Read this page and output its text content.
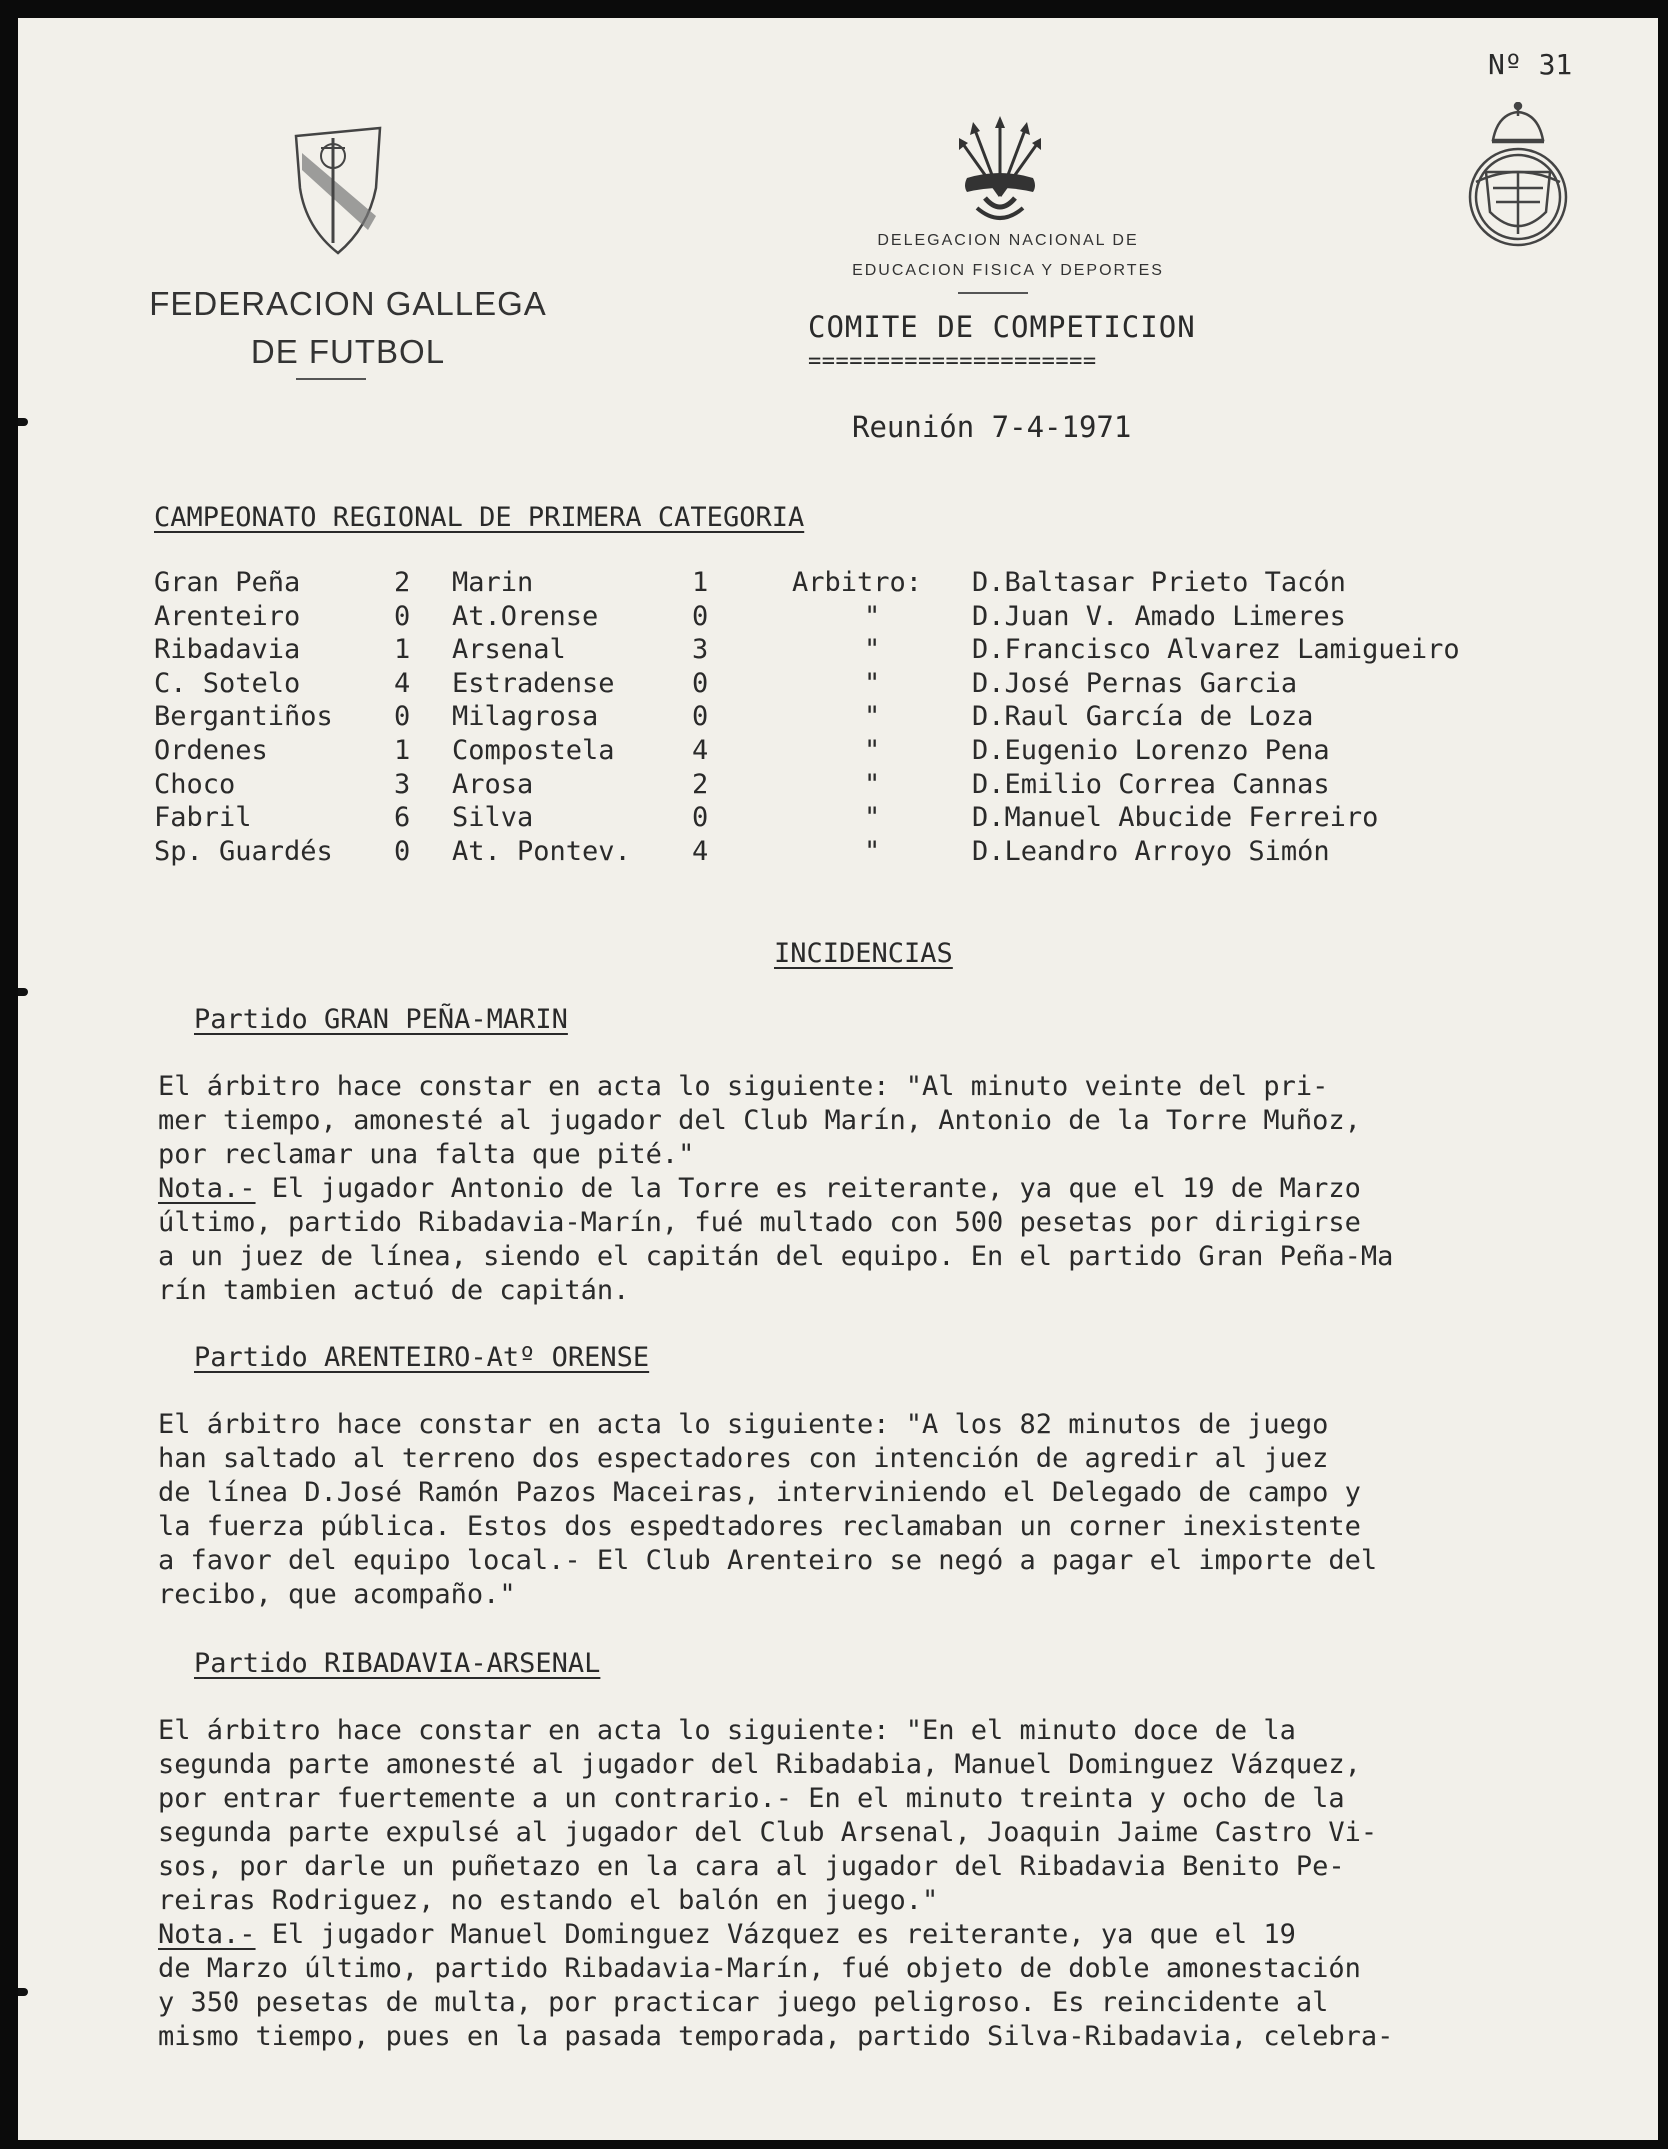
Nº 31
FEDERACION GALLEGA
DE FUTBOL
DELEGACION NACIONAL DE
EDUCACION FISICA Y DEPORTES
COMITE DE COMPETICION
=====================
Reunión 7-4-1971
CAMPEONATO REGIONAL DE PRIMERA CATEGORIA
Gran Peña	2 Marin	1	Arbitro: D.Baltasar Prieto Tacón
Arenteiro	0 At.Orense	0	"	D.Juan V. Amado Limeres
Ribadavia	1 Arsenal	3	"	D.Francisco Alvarez Lamigueiro
C. Sotelo	4 Estradense	0	"	D.José Pernas Garcia
Bergantiños 0 Milagrosa	0	"	D.Raul García de Loza
Ordenes	1 Compostela	4	"	D.Eugenio Lorenzo Pena
Choco	3 Arosa	2	"	D.Emilio Correa Cannas
Fabril	6 Silva	0	"	D.Manuel Abucide Ferreiro
Sp. Guardés 0 At. Pontev. 4	"	D.Leandro Arroyo Simón
INCIDENCIAS
Partido GRAN PEÑA-MARIN
El árbitro hace constar en acta lo siguiente: "Al minuto veinte del pri-
mer tiempo, amonesté al jugador del Club Marín, Antonio de la Torre Muñoz,
por reclamar una falta que pité."
Nota.- El jugador Antonio de la Torre es reiterante, ya que el 19 de Marzo
último, partido Ribadavia-Marín, fué multado con 500 pesetas por dirigirse
a un juez de línea, siendo el capitán del equipo. En el partido Gran Peña-Ma
rín tambien actuó de capitán.
Partido ARENTEIRO-Atº ORENSE
El árbitro hace constar en acta lo siguiente: "A los 82 minutos de juego
han saltado al terreno dos espectadores con intención de agredir al juez
de línea D.José Ramón Pazos Maceiras, interviniendo el Delegado de campo y
la fuerza pública. Estos dos espedtadores reclamaban un corner inexistente
a favor del equipo local.- El Club Arenteiro se negó a pagar el importe del
recibo, que acompaño."
Partido RIBADAVIA-ARSENAL
El árbitro hace constar en acta lo siguiente: "En el minuto doce de la
segunda parte amonesté al jugador del Ribadabia, Manuel Dominguez Vázquez,
por entrar fuertemente a un contrario.- En el minuto treinta y ocho de la
segunda parte expulsé al jugador del Club Arsenal, Joaquin Jaime Castro Vi-
sos, por darle un puñetazo en la cara al jugador del Ribadavia Benito Pe-
reiras Rodriguez, no estando el balón en juego."
Nota.- El jugador Manuel Dominguez Vázquez es reiterante, ya que el 19
de Marzo último, partido Ribadavia-Marín, fué objeto de doble amonestación
y 350 pesetas de multa, por practicar juego peligroso. Es reincidente al
mismo tiempo, pues en la pasada temporada, partido Silva-Ribadavia, celebra-
